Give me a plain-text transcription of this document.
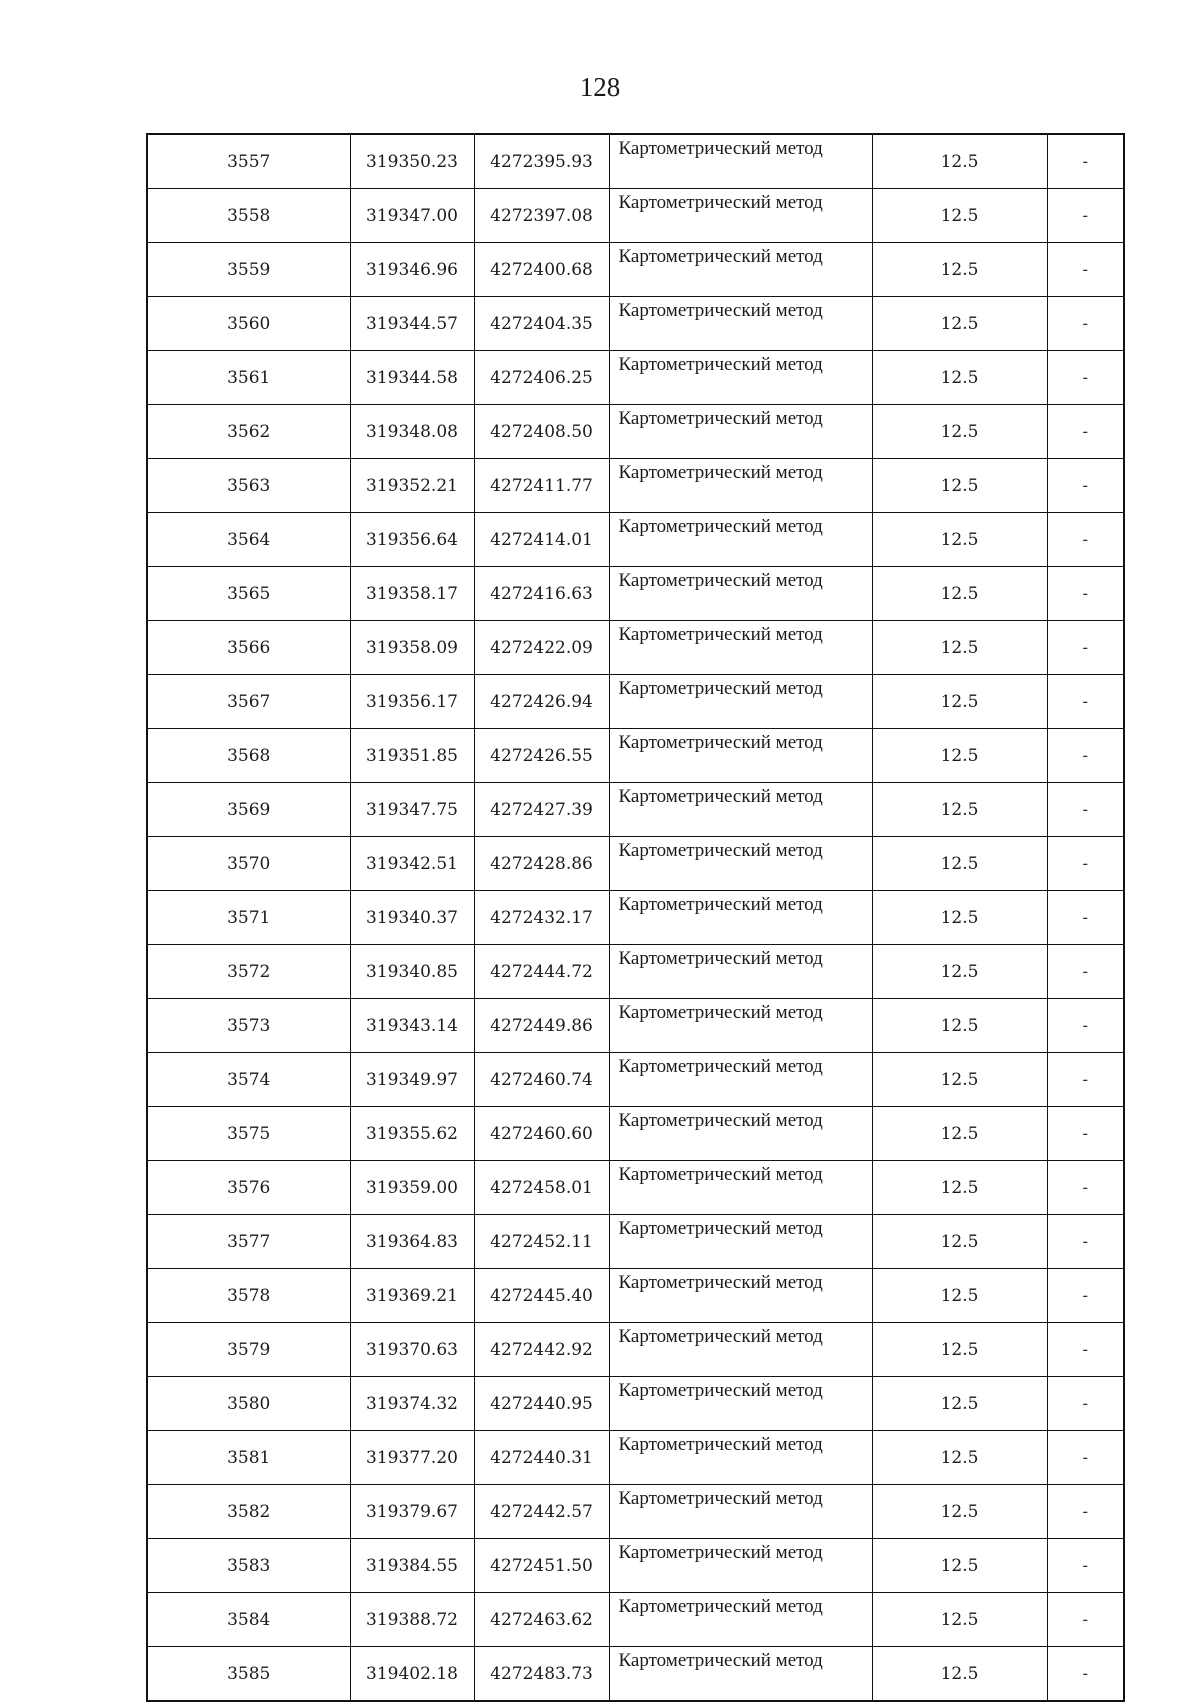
128
3557	319350.23	4272395.93	Картометрический метод	12.5	-
3558	319347.00	4272397.08	Картометрический метод	12.5	-
3559	319346.96	4272400.68	Картометрический метод	12.5	-
3560	319344.57	4272404.35	Картометрический метод	12.5	-
3561	319344.58	4272406.25	Картометрический метод	12.5	-
3562	319348.08	4272408.50	Картометрический метод	12.5	-
3563	319352.21	4272411.77	Картометрический метод	12.5	-
3564	319356.64	4272414.01	Картометрический метод	12.5	-
3565	319358.17	4272416.63	Картометрический метод	12.5	-
3566	319358.09	4272422.09	Картометрический метод	12.5	-
3567	319356.17	4272426.94	Картометрический метод	12.5	-
3568	319351.85	4272426.55	Картометрический метод	12.5	-
3569	319347.75	4272427.39	Картометрический метод	12.5	-
3570	319342.51	4272428.86	Картометрический метод	12.5	-
3571	319340.37	4272432.17	Картометрический метод	12.5	-
3572	319340.85	4272444.72	Картометрический метод	12.5	-
3573	319343.14	4272449.86	Картометрический метод	12.5	-
3574	319349.97	4272460.74	Картометрический метод	12.5	-
3575	319355.62	4272460.60	Картометрический метод	12.5	-
3576	319359.00	4272458.01	Картометрический метод	12.5	-
3577	319364.83	4272452.11	Картометрический метод	12.5	-
3578	319369.21	4272445.40	Картометрический метод	12.5	-
3579	319370.63	4272442.92	Картометрический метод	12.5	-
3580	319374.32	4272440.95	Картометрический метод	12.5	-
3581	319377.20	4272440.31	Картометрический метод	12.5	-
3582	319379.67	4272442.57	Картометрический метод	12.5	-
3583	319384.55	4272451.50	Картометрический метод	12.5	-
3584	319388.72	4272463.62	Картометрический метод	12.5	-
3585	319402.18	4272483.73	Картометрический метод	12.5	-
